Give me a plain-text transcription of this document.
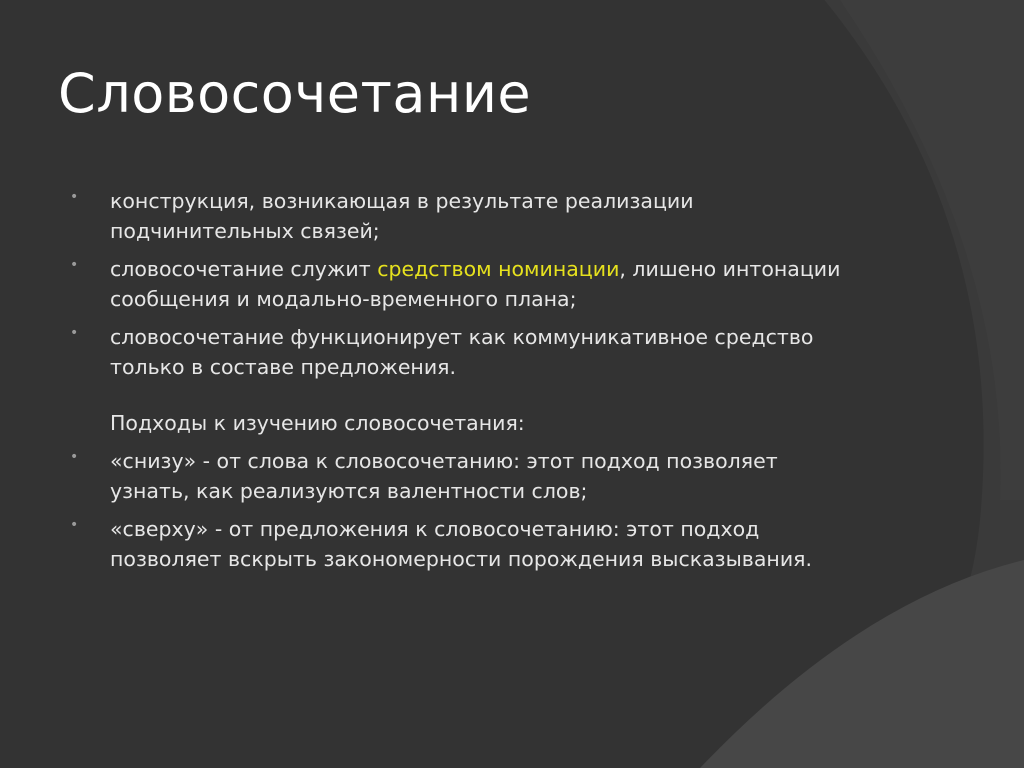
Словосочетание
• конструкция, возникающая в результате реализации подчинительных связей;
• словосочетание служит средством номинации, лишено интонации сообщения и модально-временного плана;
• словосочетание функционирует как коммуникативное средство только в составе предложения.
Подходы к изучению словосочетания:
• «снизу» - от слова к словосочетанию: этот подход позволяет узнать, как реализуются валентности слов;
• «сверху» - от предложения к словосочетанию: этот подход позволяет вскрыть закономерности порождения высказывания.
